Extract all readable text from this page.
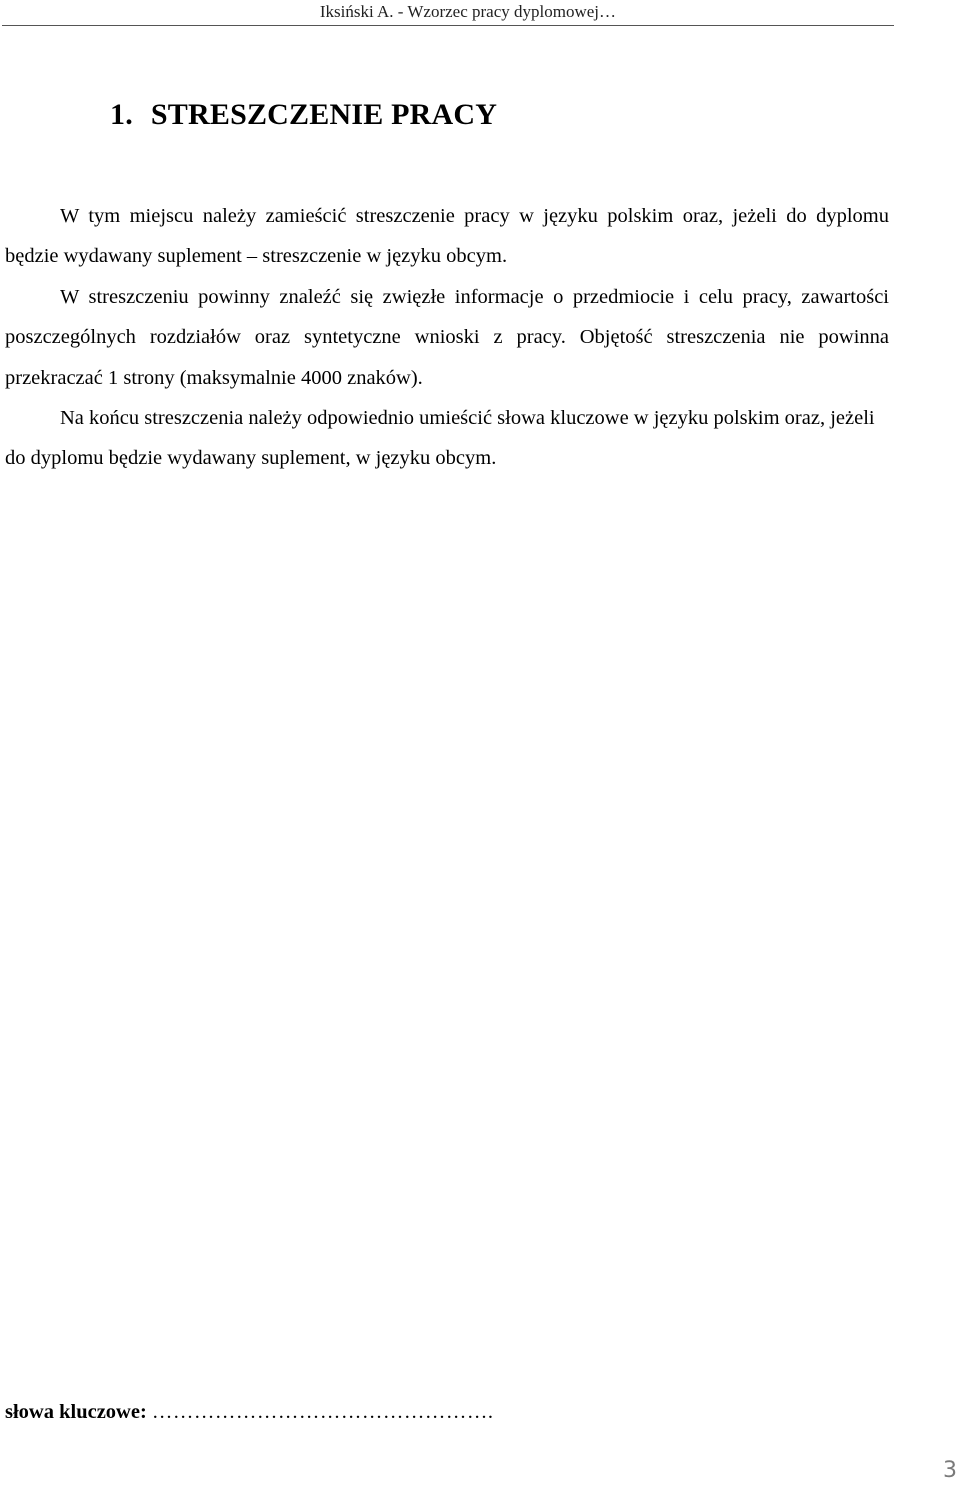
Iksiński A. - Wzorzec pracy dyplomowej…
1. STRESZCZENIE PRACY

W tym miejscu należy zamieścić streszczenie pracy w języku polskim oraz, jeżeli do dyplomu będzie wydawany suplement – streszczenie w języku obcym.

W streszczeniu powinny znaleźć się zwięzłe informacje o przedmiocie i celu pracy, zawartości poszczególnych rozdziałów oraz syntetyczne wnioski z pracy. Objętość streszczenia nie powinna przekraczać 1 strony (maksymalnie 4000 znaków).

Na końcu streszczenia należy odpowiednio umieścić słowa kluczowe w języku polskim oraz, jeżeli do dyplomu będzie wydawany suplement, w języku obcym.

słowa kluczowe: ………………………………………….
3
